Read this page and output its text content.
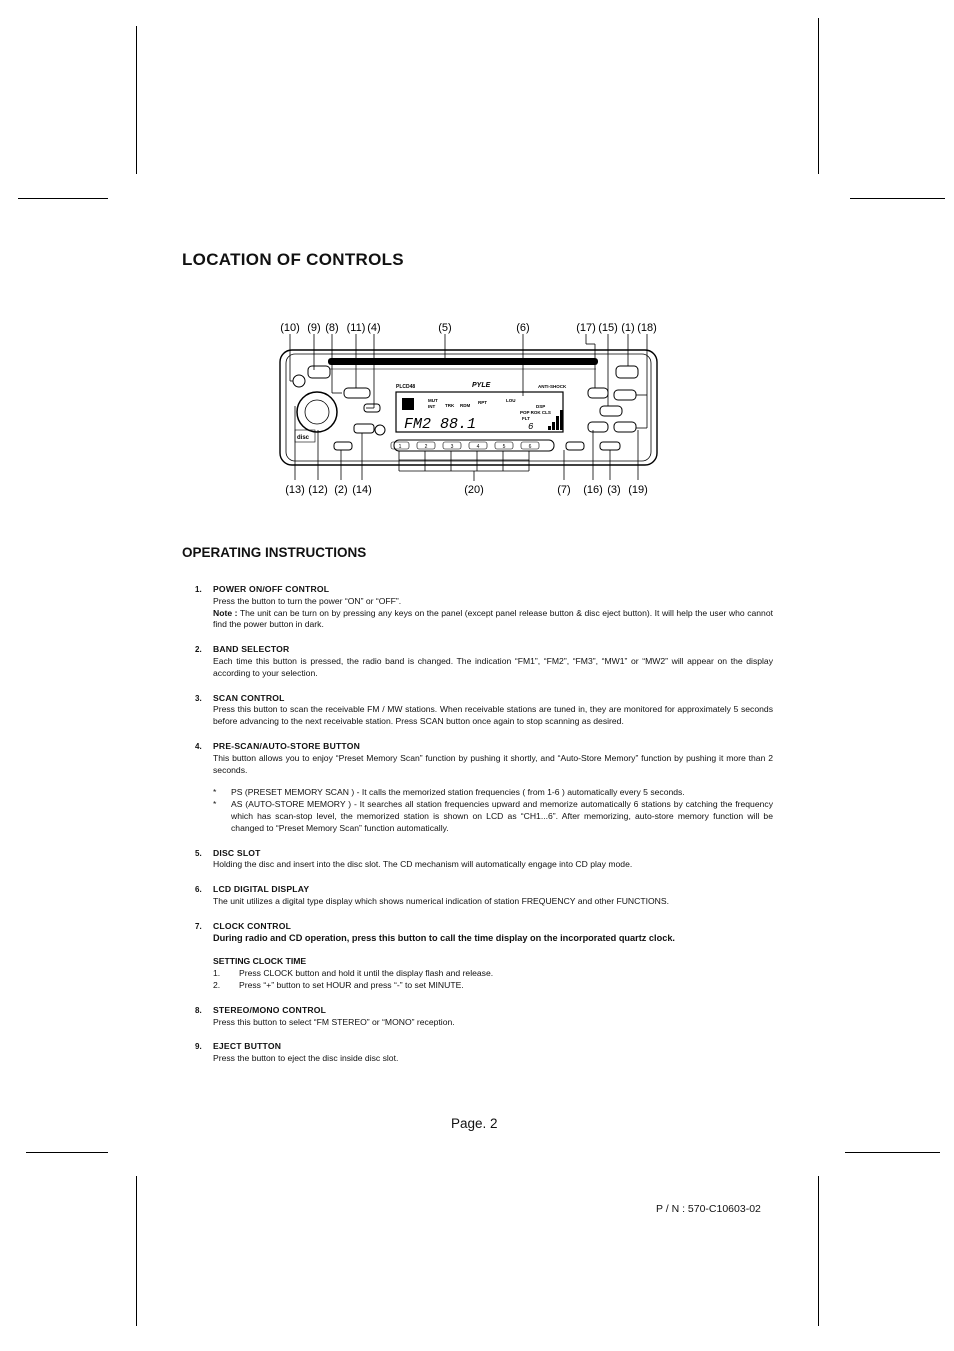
LOCATION OF CONTROLS
(10) (9) (8) (11) (4)	(5)	(6)	(17) (15) (1) (18)
(13) (12) (2) (14)	(20)	(7) (16) (3) (19)
disc
PLCD48	PYLE	ANTI-SHOCK
FM2 88.1	6
MUT
INT TRK RDM
RPT	LOU
DSP
POP ROK CLS
FLT
1	2	3	4	5	6
OPERATING INSTRUCTIONS
1. POWER ON/OFF CONTROL
Press the button to turn the power “ON” or “OFF”.
Note : The unit can be turn on by pressing any keys on the panel (except panel release button & disc eject button). It will help the user who cannot find the power button in dark.
2. BAND SELECTOR
Each time this button is pressed, the radio band is changed. The indication “FM1”, “FM2”, “FM3”, “MW1” or “MW2” will appear on the display according to your selection.
3. SCAN CONTROL
Press this button to scan the receivable FM / MW stations. When receivable stations are tuned in, they are monitored for approximately 5 seconds before advancing to the next receivable station. Press SCAN button once again to stop scanning as desired.
4. PRE-SCAN/AUTO-STORE BUTTON
This button allows you to enjoy “Preset Memory Scan” function by pushing it shortly, and “Auto-Store Memory” function by pushing it more than 2 seconds.
* PS (PRESET MEMORY SCAN ) - It calls the memorized station frequencies ( from 1-6 ) automatically every 5 seconds.
* AS (AUTO-STORE MEMORY ) - It searches all station frequencies upward and memorize automatically 6 stations by catching the frequency which has scan-stop level, the memorized station is shown on LCD as “CH1...6”. After memorizing, auto-store memory function will be changed to “Preset Memory Scan” function automatically.
5. DISC SLOT
Holding the disc and insert into the disc slot. The CD mechanism will automatically engage into CD play mode.
6. LCD DIGITAL DISPLAY
The unit utilizes a digital type display which shows numerical indication of station FREQUENCY and other FUNCTIONS.
7. CLOCK CONTROL
During radio and CD operation, press this button to call the time display on the incorporated quartz clock.
SETTING CLOCK TIME
1. Press CLOCK button and hold it until the display flash and release.
2. Press “+” button to set HOUR and press “-” to set MINUTE.
8. STEREO/MONO CONTROL
Press this button to select “FM STEREO” or “MONO” reception.
9. EJECT BUTTON
Press the button to eject the disc inside disc slot.
Page. 2
P / N : 570-C10603-02
